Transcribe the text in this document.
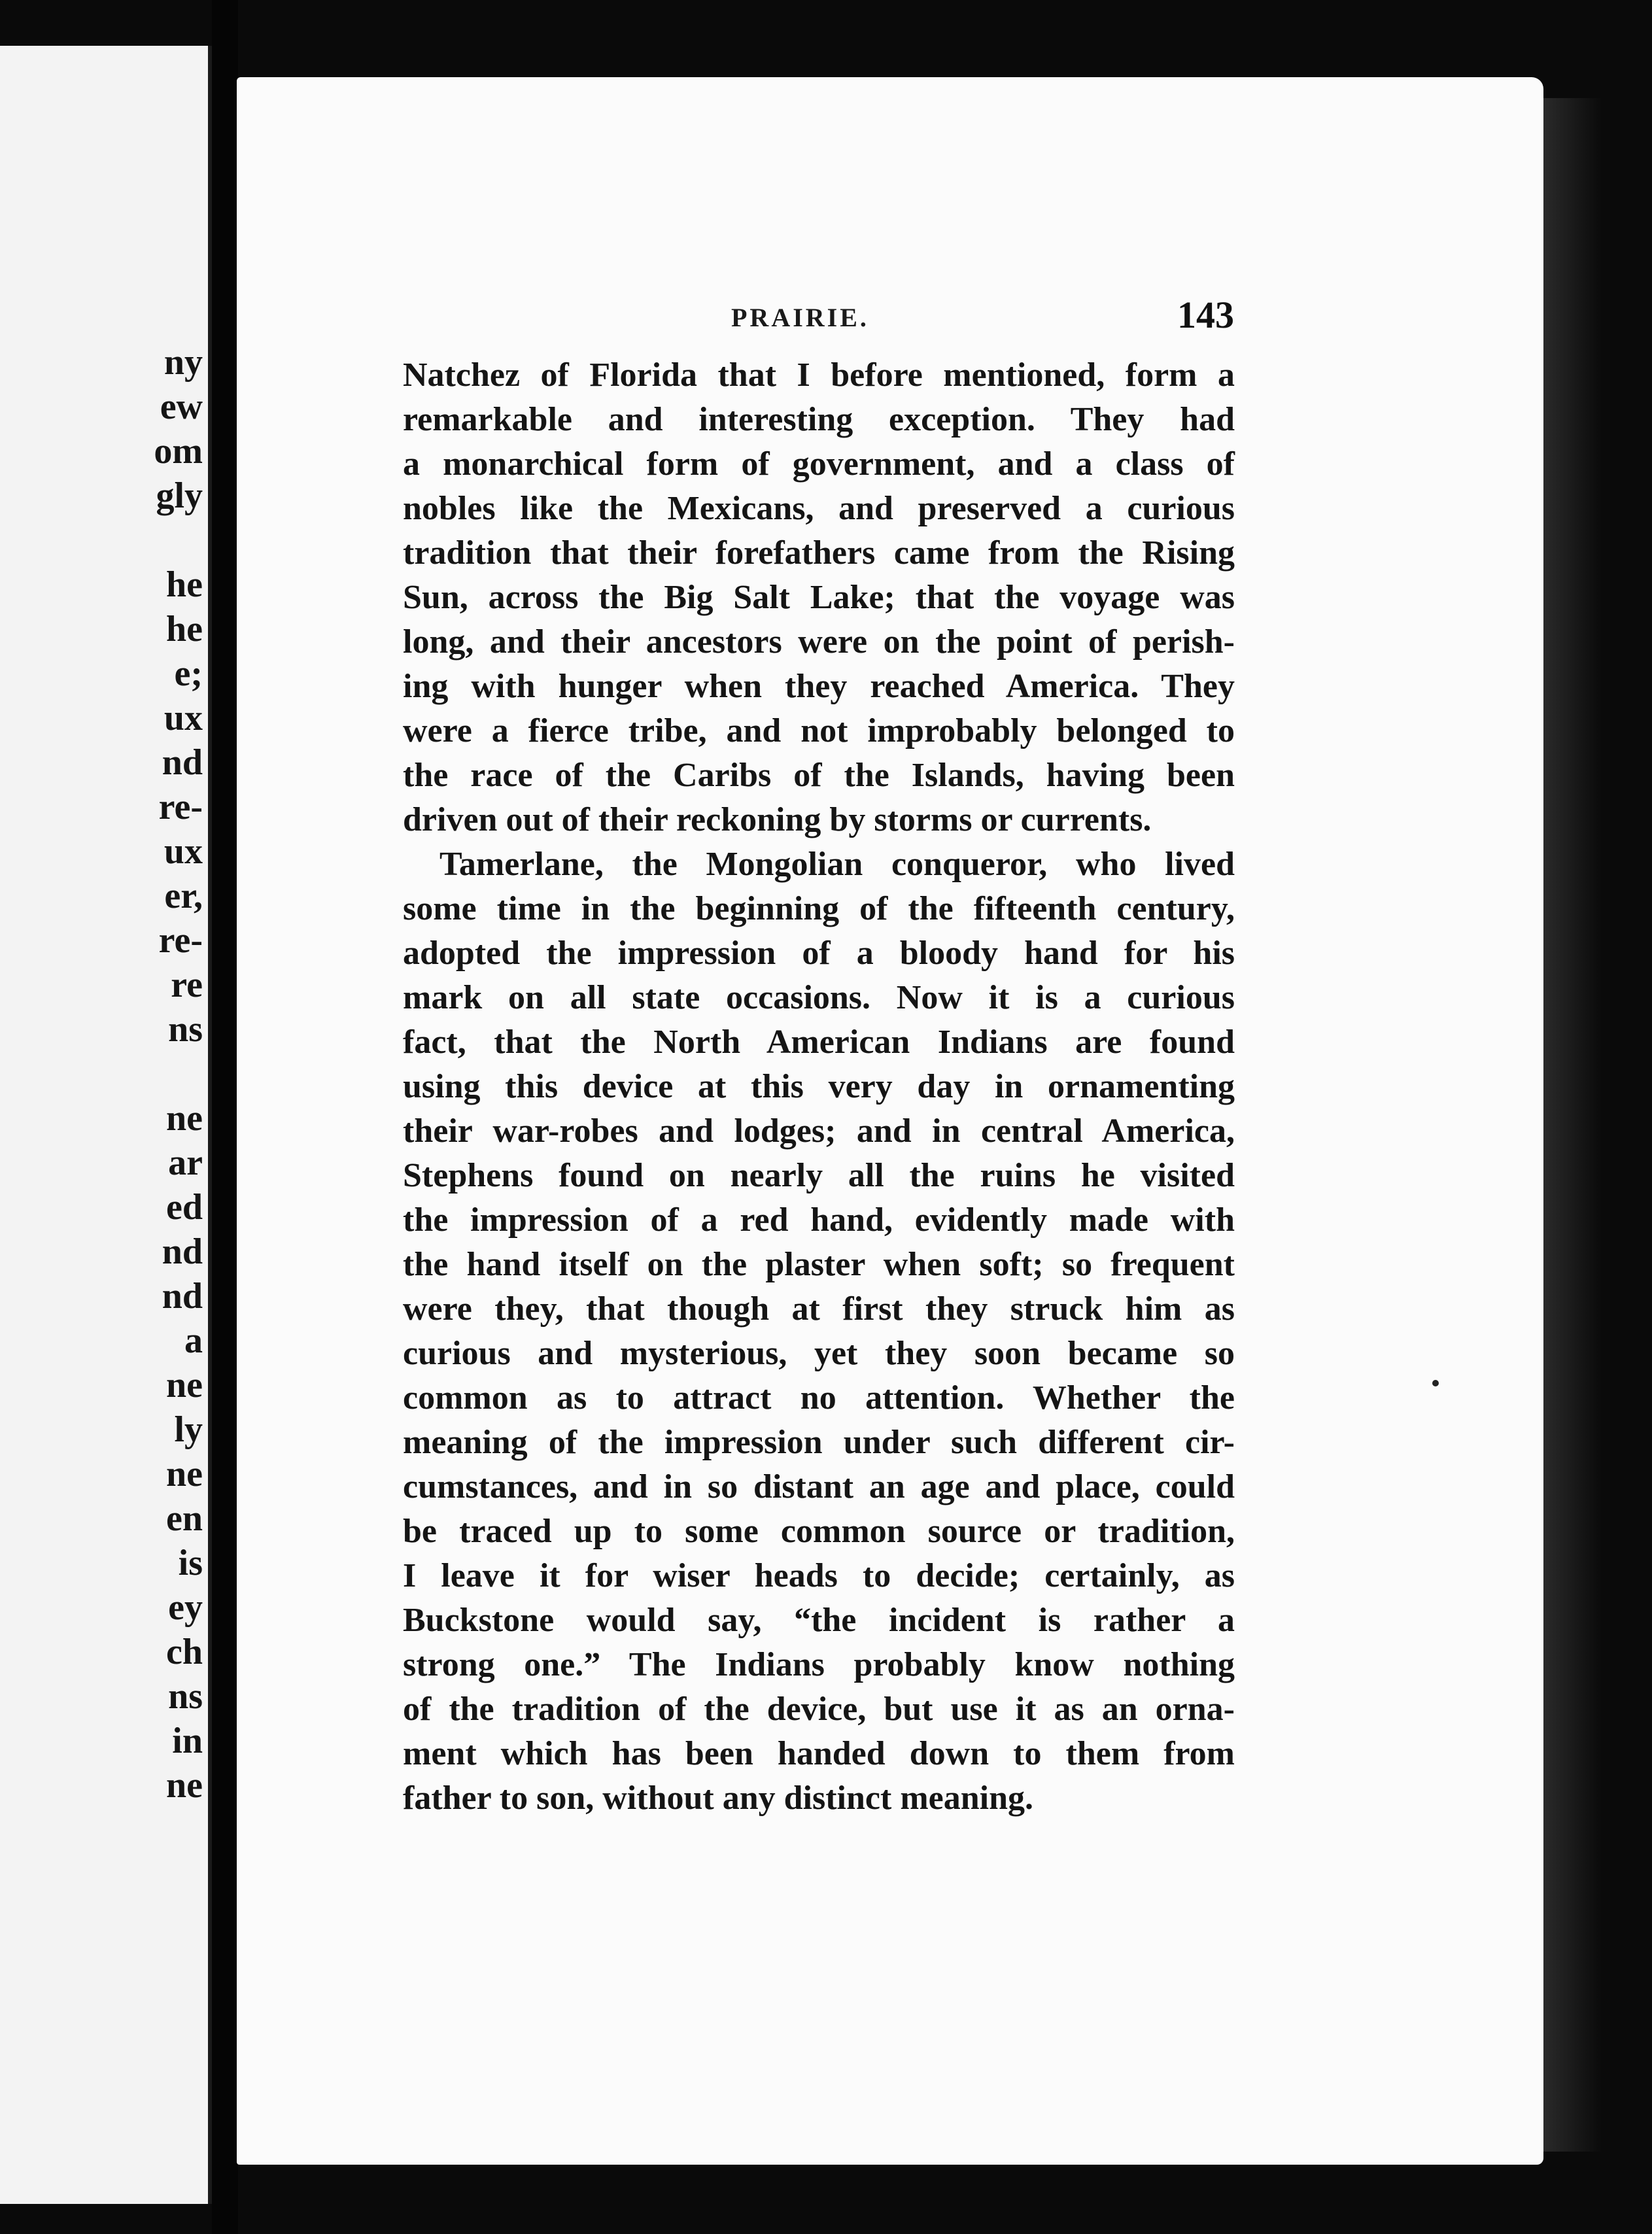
ny
ew
om
gly
he
he
e;
ux
nd
re-
ux
er,
re-
re
ns
ne
ar
ed
nd
nd
a
ne
ly
ne
en
is
ey
ch
ns
in
ne
PRAIRIE.	143
Natchez of Florida that I before mentioned, form a
remarkable and interesting exception. They had
a monarchical form of government, and a class of
nobles like the Mexicans, and preserved a curious
tradition that their forefathers came from the Rising
Sun, across the Big Salt Lake; that the voyage was
long, and their ancestors were on the point of perish-
ing with hunger when they reached America. They
were a fierce tribe, and not improbably belonged to
the race of the Caribs of the Islands, having been
driven out of their reckoning by storms or currents.
Tamerlane, the Mongolian conqueror, who lived
some time in the beginning of the fifteenth century,
adopted the impression of a bloody hand for his
mark on all state occasions. Now it is a curious
fact, that the North American Indians are found
using this device at this very day in ornamenting
their war-robes and lodges; and in central America,
Stephens found on nearly all the ruins he visited
the impression of a red hand, evidently made with
the hand itself on the plaster when soft; so frequent
were they, that though at first they struck him as
curious and mysterious, yet they soon became so
common as to attract no attention. Whether the
meaning of the impression under such different cir-
cumstances, and in so distant an age and place, could
be traced up to some common source or tradition,
I leave it for wiser heads to decide; certainly, as
Buckstone would say, “the incident is rather a
strong one.” The Indians probably know nothing
of the tradition of the device, but use it as an orna-
ment which has been handed down to them from
father to son, without any distinct meaning.
